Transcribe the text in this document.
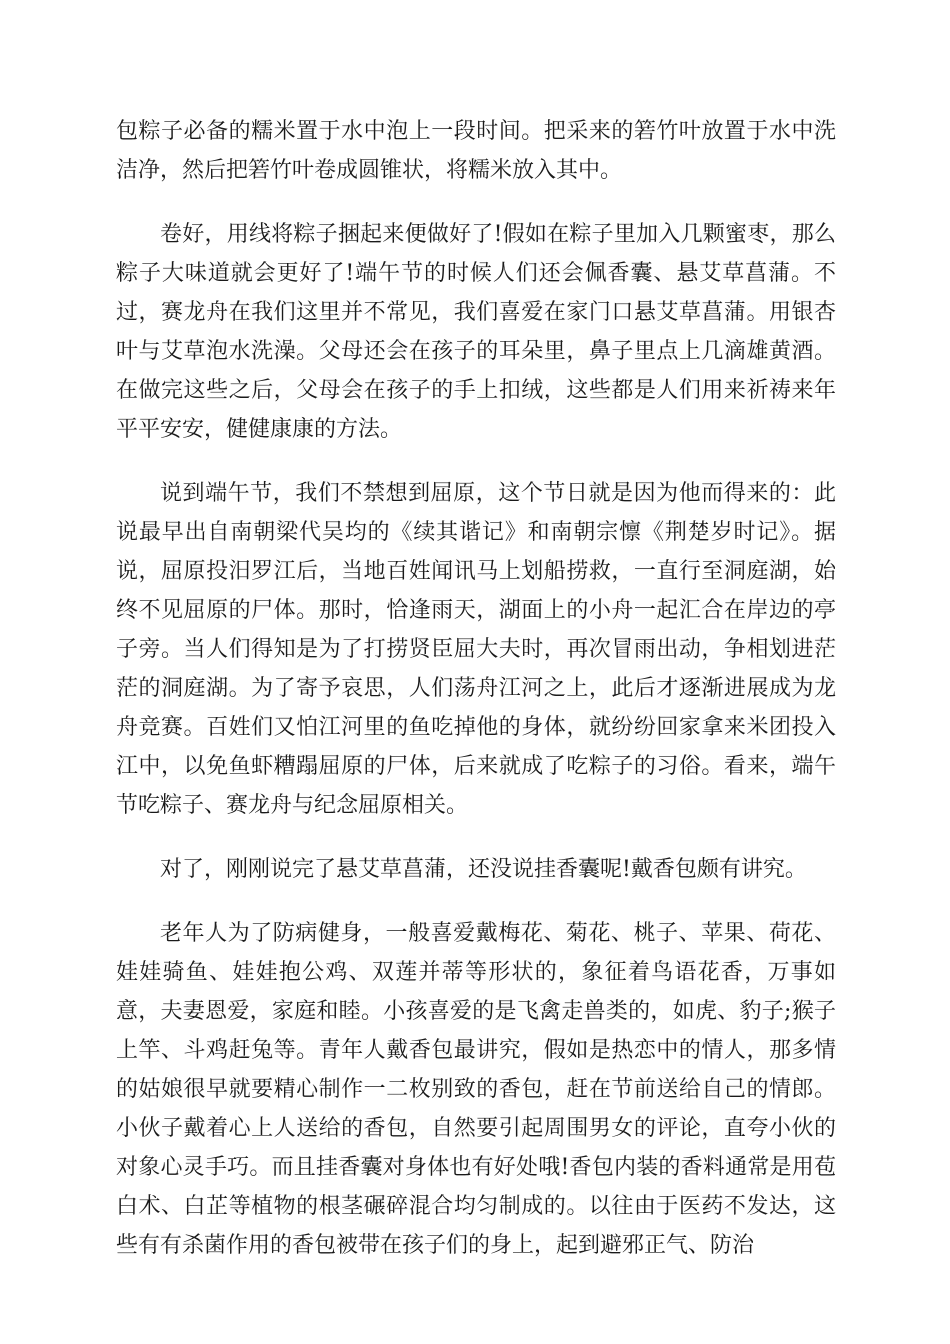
包粽子必备的糯米置于水中泡上一段时间。把采来的箬竹叶放置于水中洗洁净，然后把箬竹叶卷成圆锥状，将糯米放入其中。

卷好，用线将粽子捆起来便做好了!假如在粽子里加入几颗蜜枣，那么粽子大味道就会更好了!端午节的时候人们还会佩香囊、悬艾草菖蒲。不过，赛龙舟在我们这里并不常见，我们喜爱在家门口悬艾草菖蒲。用银杏叶与艾草泡水洗澡。父母还会在孩子的耳朵里，鼻子里点上几滴雄黄酒。在做完这些之后，父母会在孩子的手上扣绒，这些都是人们用来祈祷来年平平安安，健健康康的方法。

说到端午节，我们不禁想到屈原，这个节日就是因为他而得来的：此说最早出自南朝梁代吴均的《续其谐记》和南朝宗懔《荆楚岁时记》。据说，屈原投汨罗江后，当地百姓闻讯马上划船捞救，一直行至洞庭湖，始终不见屈原的尸体。那时，恰逢雨天，湖面上的小舟一起汇合在岸边的亭子旁。当人们得知是为了打捞贤臣屈大夫时，再次冒雨出动，争相划进茫茫的洞庭湖。为了寄予哀思，人们荡舟江河之上，此后才逐渐进展成为龙舟竞赛。百姓们又怕江河里的鱼吃掉他的身体，就纷纷回家拿来米团投入江中，以免鱼虾糟蹋屈原的尸体，后来就成了吃粽子的习俗。看来，端午节吃粽子、赛龙舟与纪念屈原相关。

对了，刚刚说完了悬艾草菖蒲，还没说挂香囊呢!戴香包颇有讲究。

老年人为了防病健身，一般喜爱戴梅花、菊花、桃子、苹果、荷花、娃娃骑鱼、娃娃抱公鸡、双莲并蒂等形状的，象征着鸟语花香，万事如意，夫妻恩爱，家庭和睦。小孩喜爱的是飞禽走兽类的，如虎、豹子;猴子上竿、斗鸡赶兔等。青年人戴香包最讲究，假如是热恋中的情人，那多情的姑娘很早就要精心制作一二枚别致的香包，赶在节前送给自己的情郎。小伙子戴着心上人送给的香包，自然要引起周围男女的评论，直夸小伙的对象心灵手巧。而且挂香囊对身体也有好处哦!香包内装的香料通常是用苞白术、白芷等植物的根茎碾碎混合均匀制成的。以往由于医药不发达，这些有有杀菌作用的香包被带在孩子们的身上，起到避邪正气、防治
